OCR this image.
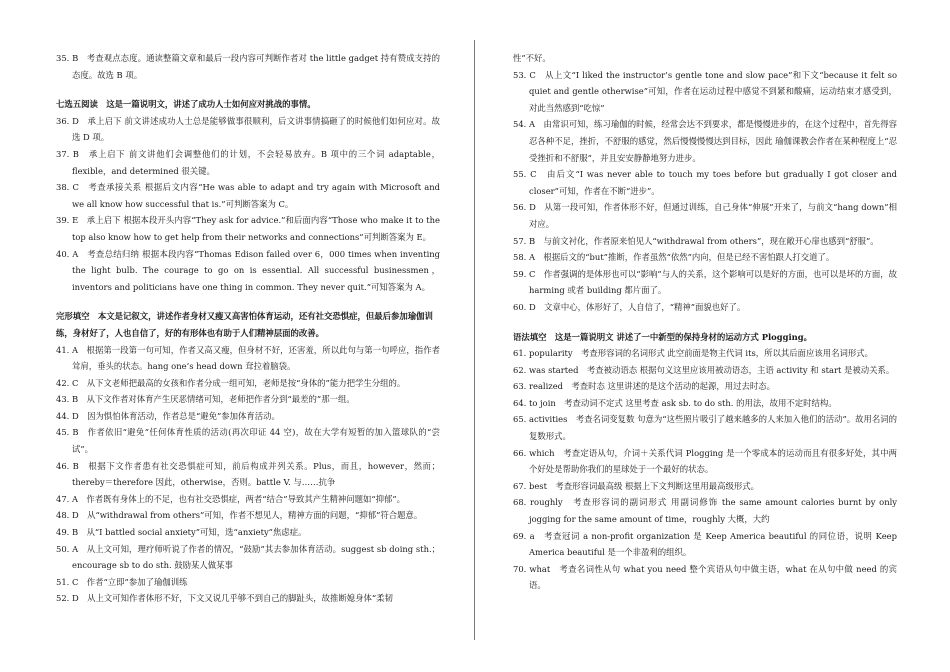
35. B　考查观点态度。通读整篇文章和最后一段内容可判断作者对 the little gadget 持有赞成支持的态度。故选 B 项。

七选五阅读　这是一篇说明文，讲述了成功人士如何应对挑战的事情。

36. D　承上启下 前文讲述成功人士总是能够做事很顺利，后文讲事情搞砸了的时候他们如何应对。故选 D 项。

37. B　承上启下 前文讲他们会调整他们的计划，不会轻易放弃。B 项中的三个词 adaptable，flexible，and determined 很关键。

38. C　考查承接关系 根据后文内容“He was able to adapt and try again with Microsoft and we all know how successful that is.”可判断答案为 C。

39. E　承上启下 根据本段开头内容“They ask for advice.”和后面内容“Those who make it to the top also know how to get help from their networks and connections”可判断答案为 E。

40. A　考查总结归纳 根据本段内容“Thomas Edison failed over 6，000 times when inventing the light bulb. The courage to go on is essential. All successful businessmen，inventors and politicians have one thing in common. They never quit.”可知答案为 A。

完形填空　本文是记叙文，讲述作者身材又瘦又高害怕体育运动，还有社交恐惧症，但最后参加瑜伽训练，身材好了，人也自信了，好的有形体也有助于人们精神层面的改善。

41. A　根据第一段第一句可知，作者又高又瘦，但身材不好，还害羞，所以此句与第一句呼应，指作者耸肩，垂头的状态。hang one’s head down 耷拉着脑袋。

42. C　从下文老师把最高的女孩和作者分成一组可知，老师是按“身体的”能力把学生分组的。

43. B　从下文作者对体育产生厌恶情绪可知，老师把作者分到“最差的”那一组。

44. D　因为惧怕体育活动，作者总是“避免”参加体育活动。

45. B　作者依旧“避免”任何体育性质的活动(再次印证 44 空)，故在大学有短暂的加入篮球队的“尝试”。

46. B　根据下文作者患有社交恐惧症可知，前后构成并列关系。Plus，而且，however，然而；thereby＝therefore 因此，otherwise，否则。battle V. 与……抗争

47. A　作者既有身体上的不足，也有社交恐惧症，两者“结合”导致其产生精神问题如“抑郁”。

48. D　从“withdrawal from others”可知，作者不想见人，精神方面的问题，“抑郁”符合题意。

49. B　从“I battled social anxiety”可知，选“anxiety”焦虑症。

50. A　从上文可知，理疗师听说了作者的情况，“鼓励”其去参加体育活动。suggest sb doing sth.；encourage sb to do sth. 鼓励某人做某事

51. C　作者“立即”参加了瑜伽训练

52. D　从上文可知作者体形不好，下文又说几乎够不到自己的脚趾头，故推断媳身体“柔韧

性”不好。

53. C　从上文“I liked the instructor’s gentle tone and slow pace”和下文“because it felt so quiet and gentle otherwise”可知，作者在运动过程中感觉不到紧和酸痛，运动结束才感受到，对此当然感到“吃惊”

54. A　由常识可知，练习瑜伽的时候，经常会达不到要求，都是慢慢进步的，在这个过程中，首先得容忍各种不足，挫折，不舒服的感觉，然后慢慢慢慢达到目标，因此 瑜伽课教会作者在某种程度上“忍受挫折和不舒服”，并且安安静静地努力进步。

55. C　由后文“I was never able to touch my toes before but gradually I got closer and closer”可知，作者在不断“进步”。

56. D　从第一段可知，作者体形不好，但通过训练，自己身体“伸展”开来了，与前文“hang down”相对应。

57. B　与前文衬化，作者原来怕见人“withdrawal from others”，现在敞开心扉也感到“舒服”。

58. A　根据后文的“but”推断，作者虽然“依然”内向，但是已经不害怕跟人打交道了。

59. C　作者强调的是体形也可以“影响”与人的关系，这个影响可以是好的方面，也可以是坏的方面，故 harming 或者 building 都片面了。

60. D　文章中心，体形好了，人自信了，“精神”面貌也好了。

语法填空　这是一篇说明文 讲述了一中新型的保持身材的运动方式 Plogging。

61. popularity　考查形容词的名词形式 此空前面是物主代词 its，所以其后面应该用名词形式。

62. was started　考查被动语态 根据句义这里应该用被动语态，主语 activity 和 start 是被动关系。

63. realized　考查时态 这里讲述的是这个活动的起源，用过去时态。

64. to join　考查动词不定式 这里考查 ask sb. to do sth. 的用法，故用不定时结构。

65. activities　考查名词变复数 句意为“这些照片吸引了越来越多的人来加入他们的活动”。故用名词的复数形式。

66. which　考查定语从句，介词＋关系代词 Plogging 是一个零成本的运动而且有很多好处，其中两个好处是帮助你我们的星球处于一个最好的状态。

67. best　考查形容词最高级 根据上下文判断这里用最高级形式。

68. roughly　考查形容词的副词形式 用副词修饰 the same amount calories burnt by only jogging for the same amount of time，roughly 大概，大约

69. a　考查冠词 a non-profit organization 是 Keep America beautiful 的同位语，说明 Keep America beautiful 是一个非盈利的组织。

70. what　考查名词性从句 what you need 整个宾语从句中做主语，what 在从句中做 need 的宾语。
